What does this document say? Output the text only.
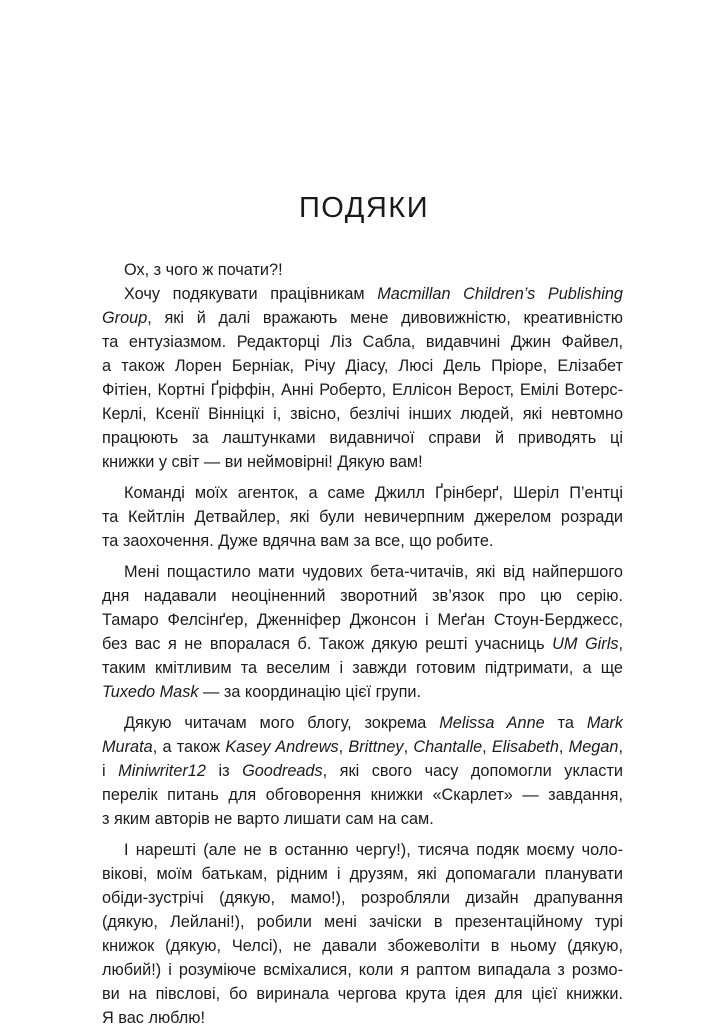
ПОДЯКИ
Ох, з чого ж почати?!
Хочу подякувати працівникам Macmillan Children’s Publishing
Group, які й далі вражають мене дивовижністю, креативністю
та ентузіазмом. Редакторці Ліз Сабла, видавчині Джин Файвел,
а також Лорен Берніак, Річу Діасу, Люсі Дель Пріоре, Елізабет
Фітіен, Кортні Ґріффін, Анні Роберто, Еллісон Верост, Емілі Вотерс-
Керлі, Ксенії Вінніцкі і, звісно, безлічі інших людей, які невтомно
працюють за лаштунками видавничої справи й приводять ці
книжки у світ — ви неймовірні! Дякую вам!
Команді моїх агенток, а саме Джилл Ґрінберґ, Шеріл П’ентці
та Кейтлін Детвайлер, які були невичерпним джерелом розради
та заохочення. Дуже вдячна вам за все, що робите.
Мені пощастило мати чудових бета-читачів, які від найпершого
дня надавали неоціненний зворотний зв’язок про цю серію.
Тамаро Фелсінґер, Дженніфер Джонсон і Меґан Стоун-Берджесс,
без вас я не впоралася б. Також дякую решті учасниць UM Girls,
таким кмітливим та веселим і завжди готовим підтримати, а ще
Tuxedo Mask — за координацію цієї групи.
Дякую читачам мого блогу, зокрема Melissa Anne та Mark
Murata, а також Kasey Andrews, Brittney, Chantalle, Elisabeth, Megan,
і Miniwriter12 із Goodreads, які свого часу допомогли укласти
перелік питань для обговорення книжки «Скарлет» — завдання,
з яким авторів не варто лишати сам на сам.
І нарешті (але не в останню чергу!), тисяча подяк моєму чоло-
вікові, моїм батькам, рідним і друзям, які допомагали планувати
обіди-зустрічі (дякую, мамо!), розробляли дизайн драпування
(дякую, Лейлані!), робили мені зачіски в презентаційному турі
книжок (дякую, Челсі), не давали збожеволіти в ньому (дякую,
любий!) і розуміюче всміхалися, коли я раптом випадала з розмо-
ви на півслові, бо виринала чергова крута ідея для цієї книжки.
Я вас люблю!
